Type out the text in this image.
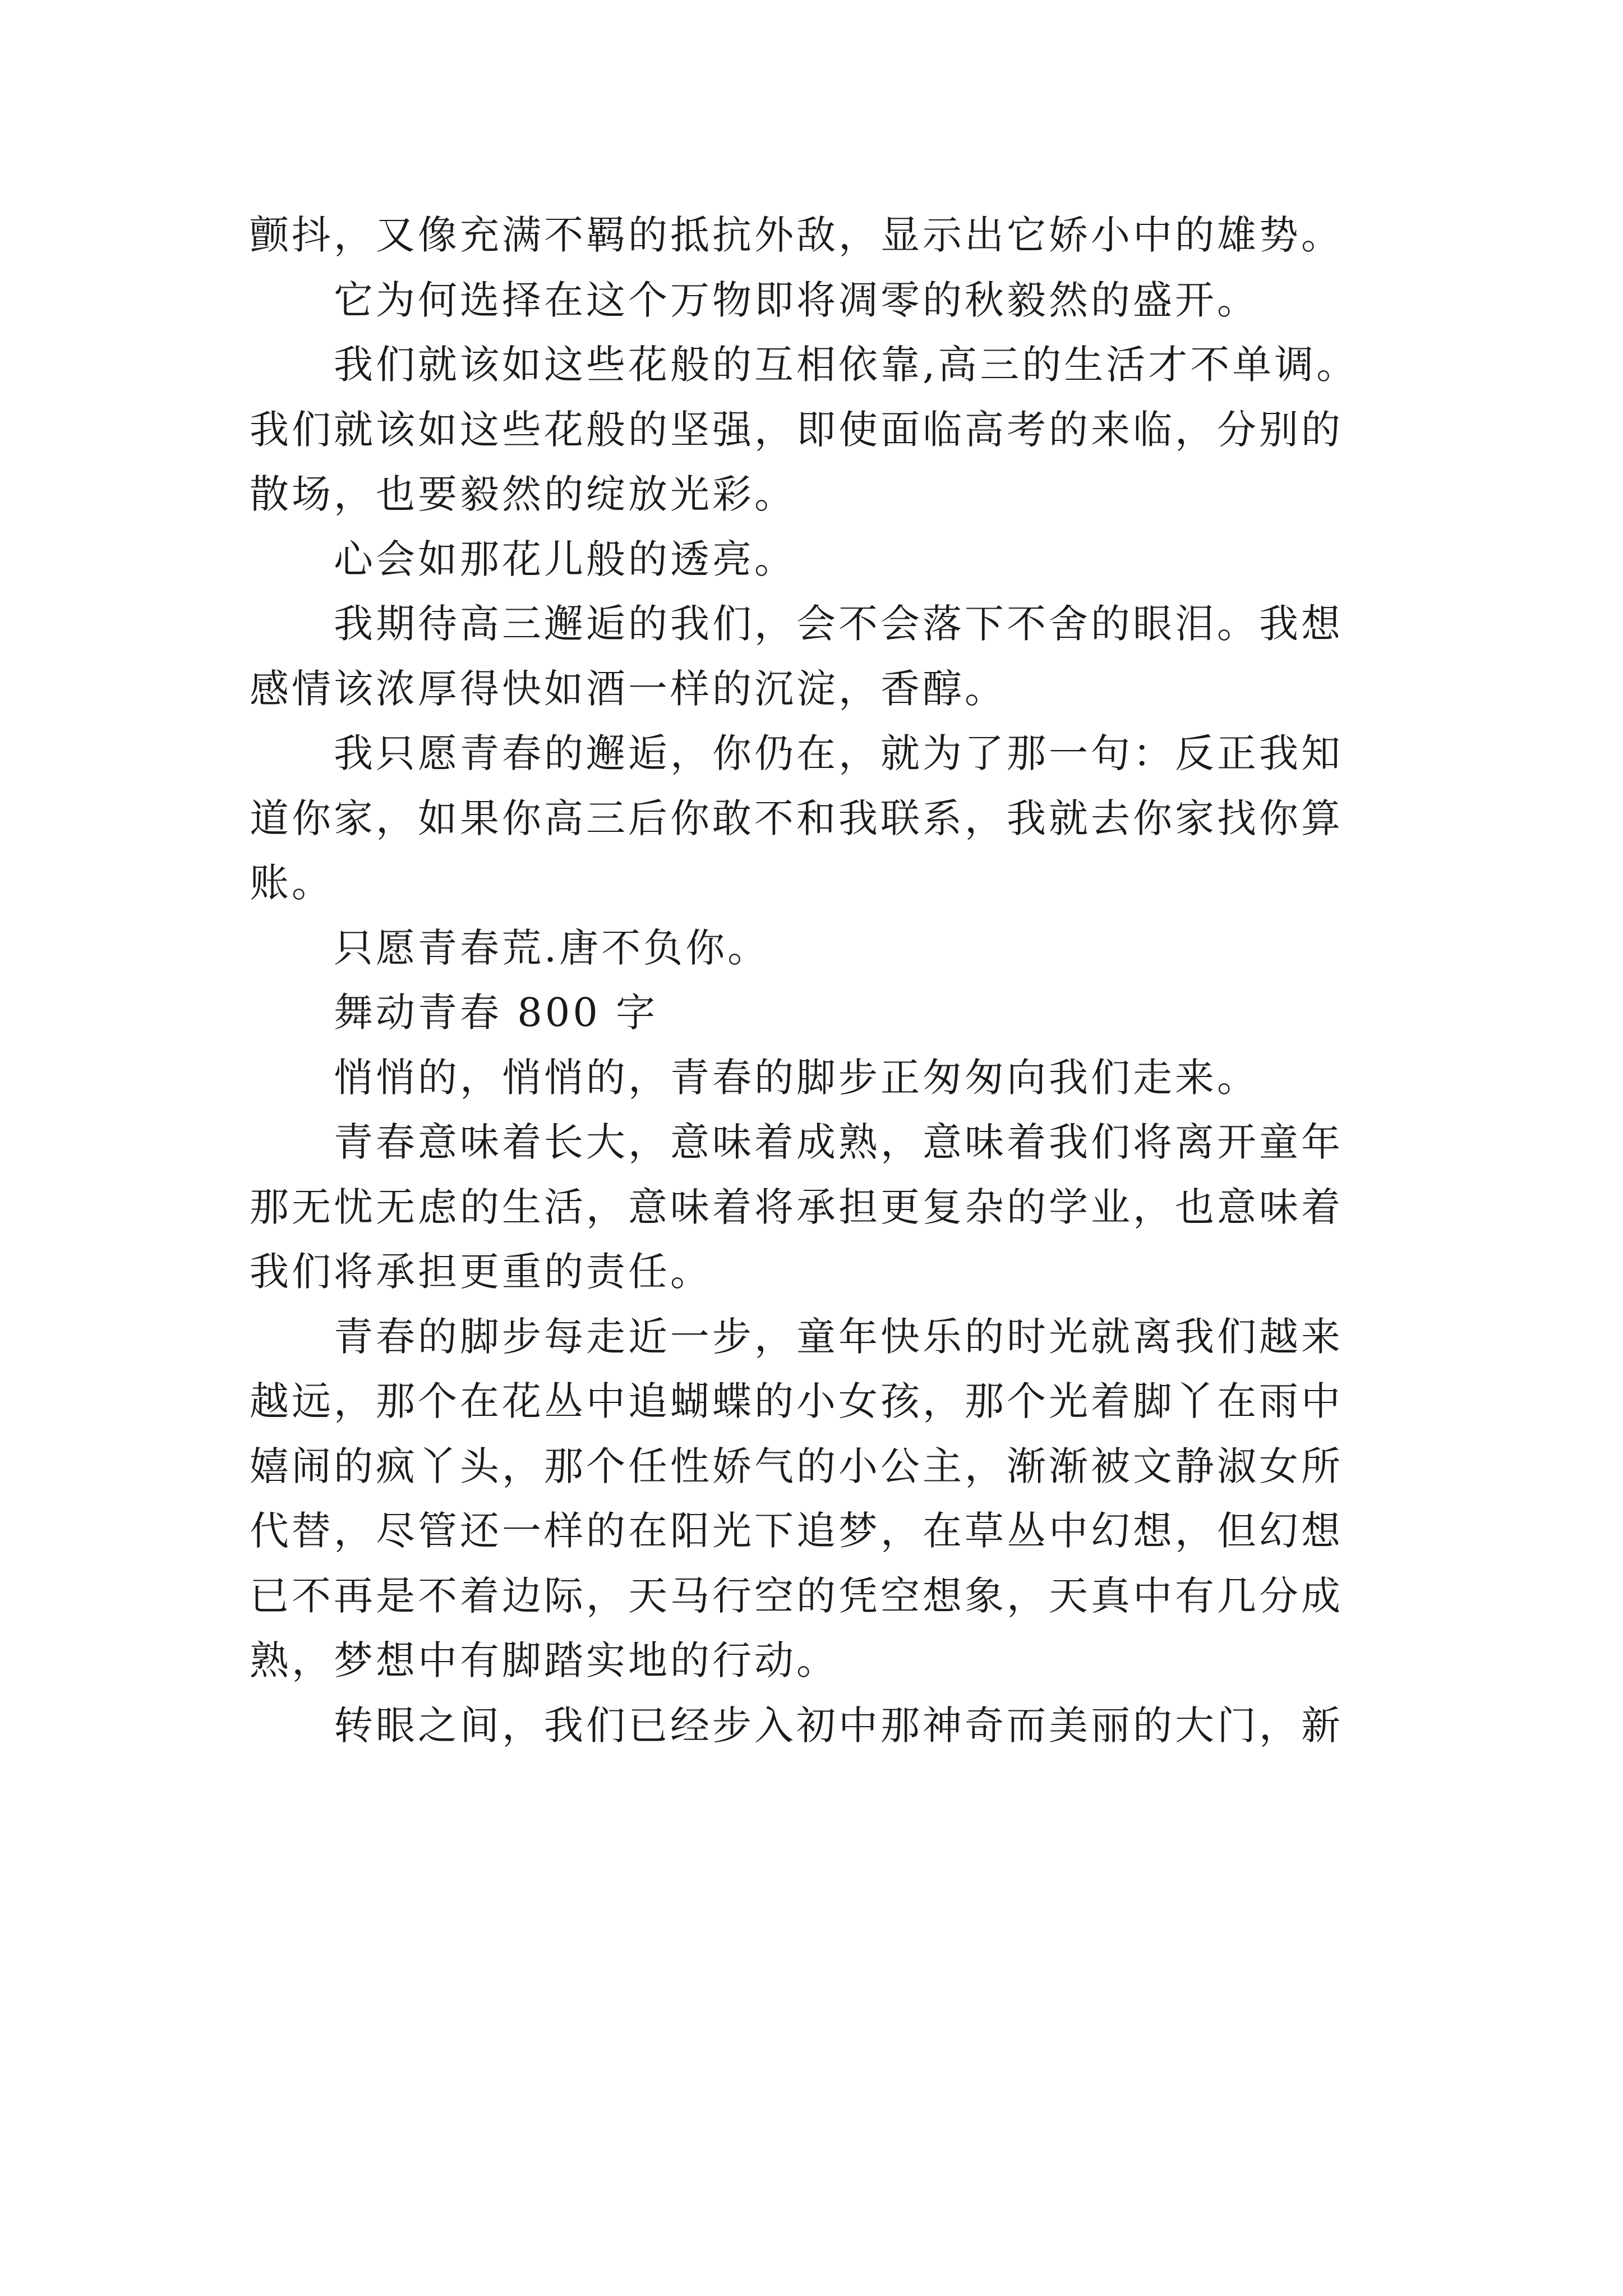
颤抖，又像充满不羁的抵抗外敌，显示出它娇小中的雄势。
它为何选择在这个万物即将凋零的秋毅然的盛开。
我们就该如这些花般的互相依靠,高三的生活才不单调。
我们就该如这些花般的坚强，即使面临高考的来临，分别的
散场，也要毅然的绽放光彩。
心会如那花儿般的透亮。
我期待高三邂逅的我们，会不会落下不舍的眼泪。我想
感情该浓厚得快如酒一样的沉淀，香醇。
我只愿青春的邂逅，你仍在，就为了那一句：反正我知
道你家，如果你高三后你敢不和我联系，我就去你家找你算
账。
只愿青春荒.唐不负你。
舞动青春 800 字
悄悄的，悄悄的，青春的脚步正匆匆向我们走来。
青春意味着长大，意味着成熟，意味着我们将离开童年
那无忧无虑的生活，意味着将承担更复杂的学业，也意味着
我们将承担更重的责任。
青春的脚步每走近一步，童年快乐的时光就离我们越来
越远，那个在花丛中追蝴蝶的小女孩，那个光着脚丫在雨中
嬉闹的疯丫头，那个任性娇气的小公主，渐渐被文静淑女所
代替，尽管还一样的在阳光下追梦，在草丛中幻想，但幻想
已不再是不着边际，天马行空的凭空想象，天真中有几分成
熟，梦想中有脚踏实地的行动。
转眼之间，我们已经步入初中那神奇而美丽的大门，新
